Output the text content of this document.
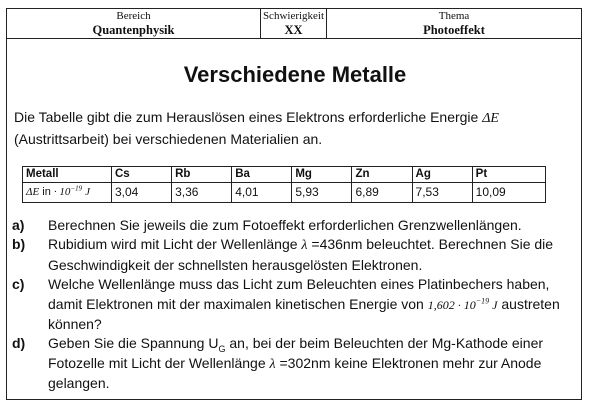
Bereich
Quantenphysik
Schwierigkeit
XX
Thema
Photoeffekt
Verschiedene Metalle
Die Tabelle gibt die zum Herauslösen eines Elektrons erforderliche Energie ΔE (Austrittsarbeit) bei verschiedenen Materialien an.
Metall	Cs	Rb	Ba	Mg	Zn	Ag	Pt
ΔE in · $10^{-19}$ J	3,04	3,36	4,01	5,93	6,89	7,53	10,09
a)	Berechnen Sie jeweils die zum Fotoeffekt erforderlichen Grenzwellenlängen.
b)	Rubidium wird mit Licht der Wellenlänge λ =436nm beleuchtet. Berechnen Sie die Geschwindigkeit der schnellsten herausgelösten Elektronen.
c)	Welche Wellenlänge muss das Licht zum Beleuchten eines Platinbechers haben, damit Elektronen mit der maximalen kinetischen Energie von $1,602 \cdot 10^{-19}$ J austreten können?
d)	Geben Sie die Spannung $U_G$ an, bei der beim Beleuchten der Mg-Kathode einer Fotozelle mit Licht der Wellenlänge λ =302nm keine Elektronen mehr zur Anode gelangen.
